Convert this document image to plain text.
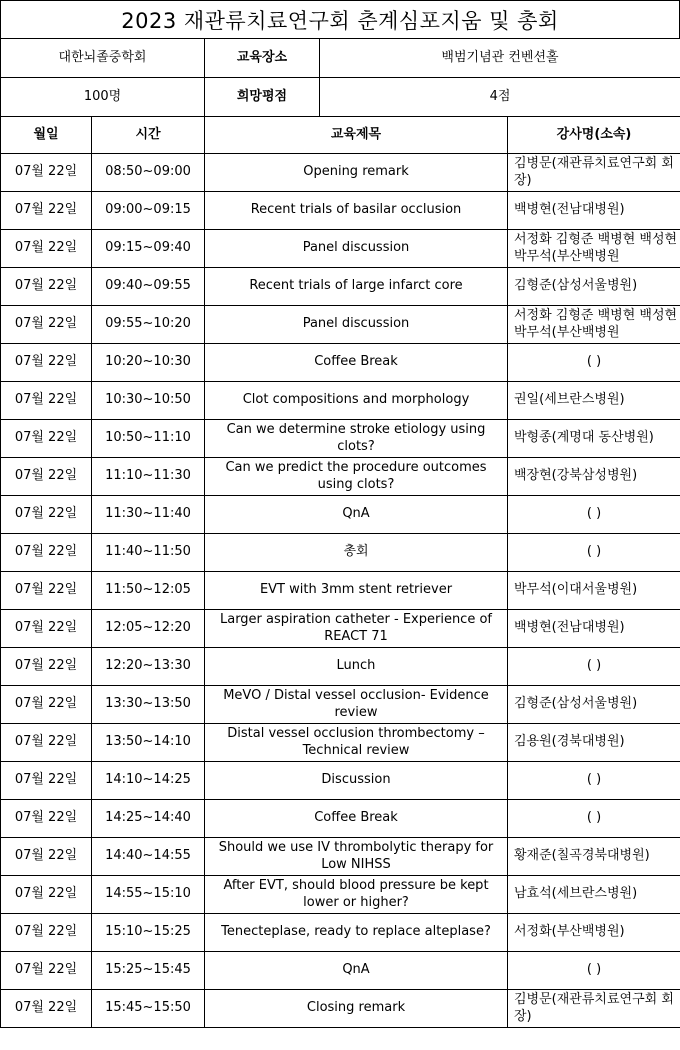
2023 재관류치료연구회 춘계심포지움 및 총회
대한뇌졸중학회		교육장소	백범기념관 컨벤션홀	
100명		희망평점	4점	
월일	시간	교육제목		강사명(소속)
07월 22일	08:50~09:00	Opening remark		김병문(재관류치료연구회 회장)
07월 22일	09:00~09:15	Recent trials of basilar occlusion		백병현(전남대병원)
07월 22일	09:15~09:40	Panel discussion		서정화 김형준 백병현 백성현 박무석(부산백병원
07월 22일	09:40~09:55	Recent trials of large infarct core		김형준(삼성서울병원)
07월 22일	09:55~10:20	Panel discussion		서정화 김형준 백병현 백성현 박무석(부산백병원
07월 22일	10:20~10:30	Coffee Break		( )
07월 22일	10:30~10:50	Clot compositions and morphology		권일(세브란스병원)
07월 22일	10:50~11:10	Can we determine stroke etiology using clots?		박형종(계명대 동산병원)
07월 22일	11:10~11:30	Can we predict the procedure outcomes using clots?		백장현(강북삼성병원)
07월 22일	11:30~11:40	QnA		( )
07월 22일	11:40~11:50	총회		( )
07월 22일	11:50~12:05	EVT with 3mm stent retriever		박무석(이대서울병원)
07월 22일	12:05~12:20	Larger aspiration catheter - Experience of REACT 71		백병현(전남대병원)
07월 22일	12:20~13:30	Lunch		( )
07월 22일	13:30~13:50	MeVO / Distal vessel occlusion- Evidence review		김형준(삼성서울병원)
07월 22일	13:50~14:10	Distal vessel occlusion thrombectomy – Technical review		김용원(경북대병원)
07월 22일	14:10~14:25	Discussion		( )
07월 22일	14:25~14:40	Coffee Break		( )
07월 22일	14:40~14:55	Should we use IV thrombolytic therapy for Low NIHSS		황재준(칠곡경북대병원)
07월 22일	14:55~15:10	After EVT, should blood pressure be kept lower or higher?		남효석(세브란스병원)
07월 22일	15:10~15:25	Tenecteplase, ready to replace alteplase?		서정화(부산백병원)
07월 22일	15:25~15:45	QnA		( )
07월 22일	15:45~15:50	Closing remark		김병문(재관류치료연구회 회장)
